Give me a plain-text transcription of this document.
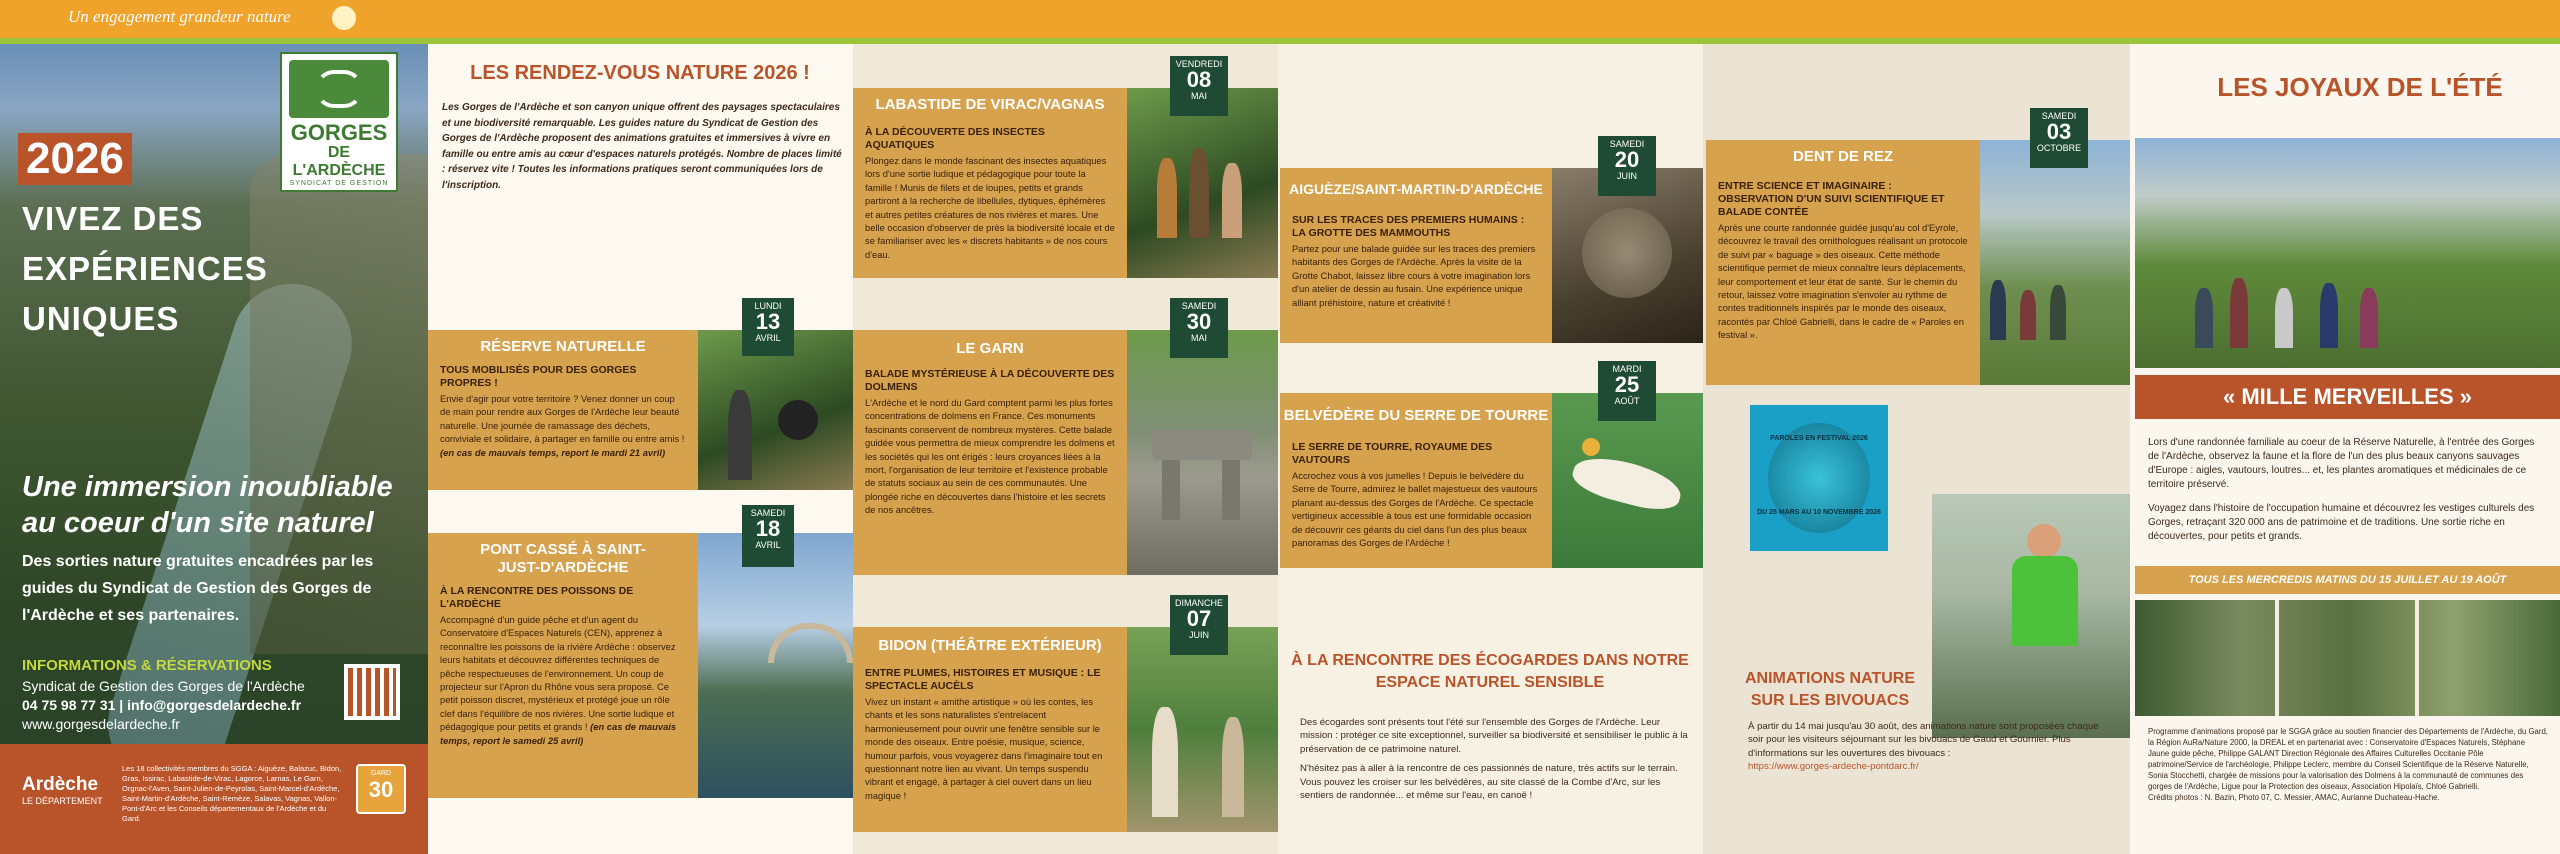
Un engagement grandeur nature
GORGES
DE L'ARDÈCHE
SYNDICAT DE GESTION
2026
VIVEZ DES
EXPÉRIENCES
UNIQUES
Une immersion inoubliable au coeur d'un site naturel
Des sorties nature gratuites encadrées par les guides du Syndicat de Gestion des Gorges de l'Ardèche et ses partenaires.
INFORMATIONS & RÉSERVATIONS
Syndicat de Gestion des Gorges de l'Ardèche
04 75 98 77 31 | info@gorgesdelardeche.fr
www.gorgesdelardeche.fr
Ardèche
LE DÉPARTEMENT
Les 18 collectivités membres du SGGA : Aiguèze, Balazuc, Bidon, Gras, Issirac, Labastide-de-Virac, Lagorce, Larnas, Le Garn, Orgnac-l'Aven, Saint-Julien-de-Peyrolas, Saint-Marcel-d'Ardèche, Saint-Martin-d'Ardèche, Saint-Remèze, Salavas, Vagnas, Vallon-Pont-d'Arc et les Conseils départementaux de l'Ardèche et du Gard.
GARD
30
LES RENDEZ-VOUS NATURE 2026 !
Les Gorges de l'Ardèche et son canyon unique offrent des paysages spectaculaires et une biodiversité remarquable. Les guides nature du Syndicat de Gestion des Gorges de l'Ardèche proposent des animations gratuites et immersives à vivre en famille ou entre amis au cœur d'espaces naturels protégés. Nombre de places limité : réservez vite ! Toutes les informations pratiques seront communiquées lors de l'inscription.
RÉSERVE NATURELLE
TOUS MOBILISÉS POUR DES GORGES PROPRES !
Envie d'agir pour votre territoire ? Venez donner un coup de main pour rendre aux Gorges de l'Ardèche leur beauté naturelle. Une journée de ramassage des déchets, conviviale et solidaire, à partager en famille ou entre amis ! (en cas de mauvais temps, report le mardi 21 avril)
LUNDI
13
AVRIL
PONT CASSÉ À SAINT-JUST-D'ARDÈCHE
À LA RENCONTRE DES POISSONS DE L'ARDÈCHE
Accompagné d'un guide pêche et d'un agent du Conservatoire d'Espaces Naturels (CEN), apprenez à reconnaître les poissons de la rivière Ardèche : observez leurs habitats et découvrez différentes techniques de pêche respectueuses de l'environnement. Un coup de projecteur sur l'Apron du Rhône vous sera proposé. Ce petit poisson discret, mystérieux et protégé joue un rôle clef dans l'équilibre de nos rivières. Une sortie ludique et pédagogique pour petits et grands ! (en cas de mauvais temps, report le samedi 25 avril)
SAMEDI
18
AVRIL
LABASTIDE DE VIRAC/VAGNAS
À LA DÉCOUVERTE DES INSECTES AQUATIQUES
Plongez dans le monde fascinant des insectes aquatiques lors d'une sortie ludique et pédagogique pour toute la famille ! Munis de filets et de loupes, petits et grands partiront à la recherche de libellules, dytiques, éphémères et autres petites créatures de nos rivières et mares. Une belle occasion d'observer de près la biodiversité locale et de se familiariser avec les « discrets habitants » de nos cours d'eau.
VENDREDI
08
MAI
LE GARN
BALADE MYSTÉRIEUSE À LA DÉCOUVERTE DES DOLMENS
L'Ardèche et le nord du Gard comptent parmi les plus fortes concentrations de dolmens en France. Ces monuments fascinants conservent de nombreux mystères. Cette balade guidée vous permettra de mieux comprendre les dolmens et les sociétés qui les ont érigés : leurs croyances liées à la mort, l'organisation de leur territoire et l'existence probable de statuts sociaux au sein de ces communautés. Une plongée riche en découvertes dans l'histoire et les secrets de nos ancêtres.
SAMEDI
30
MAI
BIDON (THÉÂTRE EXTÉRIEUR)
ENTRE PLUMES, HISTOIRES ET MUSIQUE : LE SPECTACLE AUCÈLS
Vivez un instant « amithe artistique » où les contes, les chants et les sons naturalistes s'entrelacent harmonieusement pour ouvrir une fenêtre sensible sur le monde des oiseaux. Entre poésie, musique, science, humour parfois, vous voyagerez dans l'imaginaire tout en questionnant notre lien au vivant. Un temps suspendu vibrant et engagé, à partager à ciel ouvert dans un lieu magique !
DIMANCHE
07
JUIN
AIGUÈZE/SAINT-MARTIN-D'ARDÈCHE
SUR LES TRACES DES PREMIERS HUMAINS : LA GROTTE DES MAMMOUTHS
Partez pour une balade guidée sur les traces des premiers habitants des Gorges de l'Ardèche. Après la visite de la Grotte Chabot, laissez libre cours à votre imagination lors d'un atelier de dessin au fusain. Une expérience unique alliant préhistoire, nature et créativité !
SAMEDI
20
JUIN
BELVÉDÈRE DU SERRE DE TOURRE
LE SERRE DE TOURRE, ROYAUME DES VAUTOURS
Accrochez vous à vos jumelles ! Depuis le belvédère du Serre de Tourre, admirez le ballet majestueux des vautours planant au-dessus des Gorges de l'Ardèche. Ce spectacle vertigineux accessible à tous est une formidable occasion de découvrir ces géants du ciel dans l'un des plus beaux panoramas des Gorges de l'Ardèche !
MARDI
25
AOÛT
À LA RENCONTRE DES ÉCOGARDES DANS NOTRE ESPACE NATUREL SENSIBLE

Des écogardes sont présents tout l'été sur l'ensemble des Gorges de l'Ardèche. Leur mission : protéger ce site exceptionnel, surveiller sa biodiversité et sensibiliser le public à la préservation de ce patrimoine naturel.

N'hésitez pas à aller à la rencontre de ces passionnés de nature, très actifs sur le terrain. Vous pouvez les croiser sur les belvédères, au site classé de la Combe d'Arc, sur les sentiers de randonnée... et même sur l'eau, en canoë !

DENT DE REZ
ENTRE SCIENCE ET IMAGINAIRE : OBSERVATION D'UN SUIVI SCIENTIFIQUE ET BALADE CONTÉE
Après une courte randonnée guidée jusqu'au col d'Eyrole, découvrez le travail des ornithologues réalisant un protocole de suivi par « baguage » des oiseaux. Cette méthode scientifique permet de mieux connaître leurs déplacements, leur comportement et leur état de santé. Sur le chemin du retour, laissez votre imagination s'envoler au rythme de contes traditionnels inspirés par le monde des oiseaux, racontés par Chloé Gabrielli, dans le cadre de « Paroles en festival ».
SAMEDI
03
OCTOBRE
PAROLES EN FESTIVAL 2026
DU 25 MARS AU 10 NOVEMBRE 2026
ANIMATIONS NATURE SUR LES BIVOUACS
À partir du 14 mai jusqu'au 30 août, des animations nature sont proposées chaque soir pour les visiteurs séjournant sur les bivouacs de Gaud et Gournier. Plus d'informations sur les ouvertures des bivouacs :
https://www.gorges-ardeche-pontdarc.fr/
LES JOYAUX DE L'ÉTÉ
« MILLE MERVEILLES »

Lors d'une randonnée familiale au coeur de la Réserve Naturelle, à l'entrée des Gorges de l'Ardèche, observez la faune et la flore de l'un des plus beaux canyons sauvages d'Europe : aigles, vautours, loutres... et, les plantes aromatiques et médicinales de ce territoire préservé.

Voyagez dans l'histoire de l'occupation humaine et découvrez les vestiges culturels des Gorges, retraçant 320 000 ans de patrimoine et de traditions. Une sortie riche en découvertes, pour petits et grands.

TOUS LES MERCREDIS MATINS DU 15 JUILLET AU 19 AOÛT

Programme d'animations proposé par le SGGA grâce au soutien financier des Départements de l'Ardèche, du Gard, la Région AuRa/Nature 2000, la DREAL et en partenariat avec : Conservatoire d'Espaces Naturels, Stéphane Jaune guide pêche, Philippe GALANT Direction Régionale des Affaires Culturelles Occitanie Pôle patrimoine/Service de l'archéologie, Philippe Leclerc, membre du Conseil Scientifique de la Réserve Naturelle, Sonia Stocchetti, chargée de missions pour la valorisation des Dolmens à la communauté de communes des gorges de l'Ardèche, Ligue pour la Protection des oiseaux, Association Hipolaïs, Chloé Gabrielli.

Crédits photos : N. Bazin, Photo 07, C. Messier, AMAC, Aurianne Duchateau-Hache.
